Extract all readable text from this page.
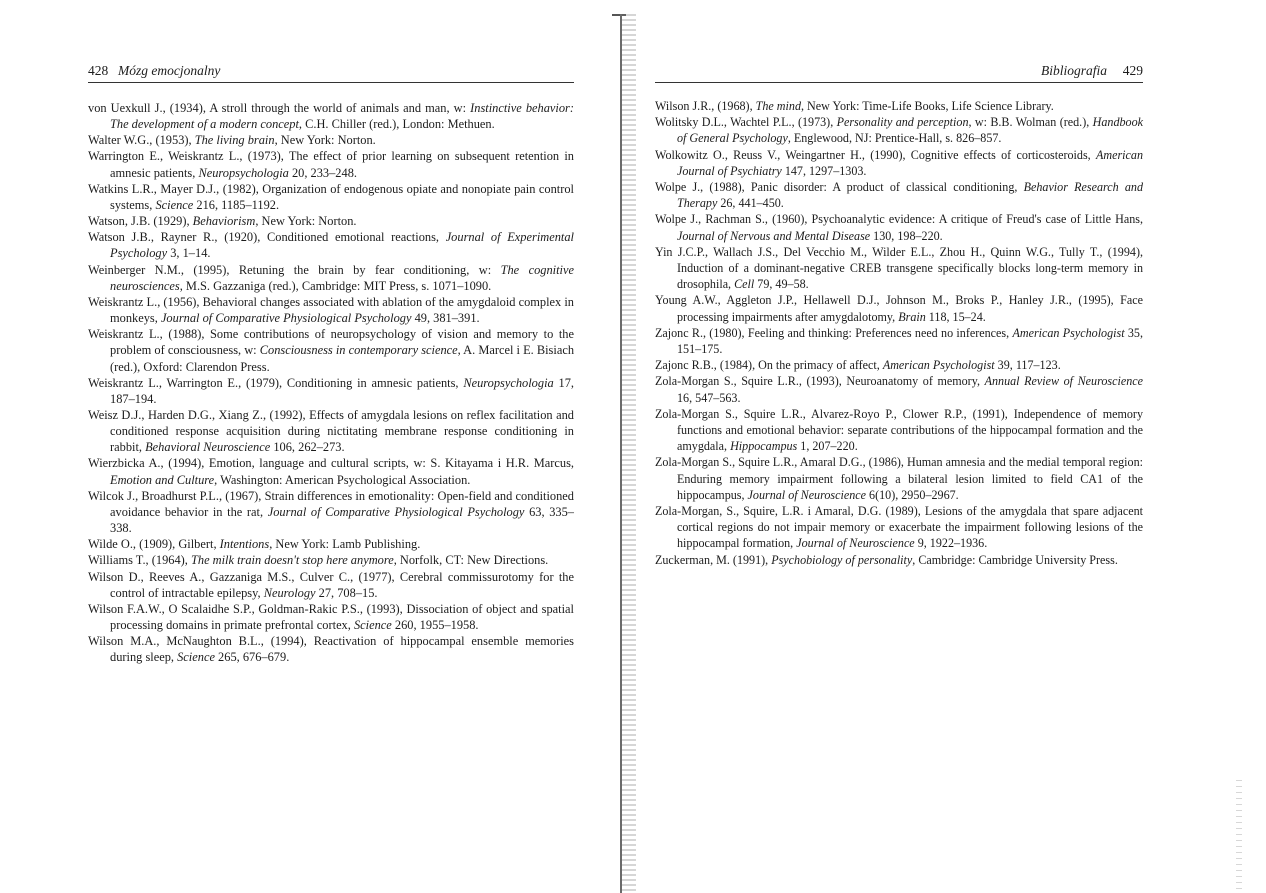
428 Mózg emocjonalny
von Uexkull J., (1934), A stroll through the world of animals and man, w: Instinctive behavior: The development of a modern concept, C.H. Chiller (red.), London: Methuen.
Walter W.G., (1953), The living brain, New York: Norton.
Warrington E., Weiskrantz L., (1973), The effect of prior learning on subsequent retention in amnesic patients, Neuropsychologia 20, 233–248.
Watkins L.R., Mayer D.J., (1982), Organization of endogenous opiate and nonopiate pain control systems, Science 216, 1185–1192.
Watson, J.B. (1929), Behaviorism, New York: Norton.
Watson J.B., Rayner R., (1920), Conditioned emotional reactions, Journal of Experimental Psychology 3, 1–14.
Weinberger N.M., (1995), Retuning the brain by fear conditioning, w: The cognitive neurosciences, M.S. Gazzaniga (red.), Cambridge: MIT Press, s. 1071–1090.
Weiskrantz L., (1956), Behavioral changes associated with ablation of the amygdaloid complex in monkeys, Journal of Comparative Physiological Psychology 49, 381–391.
Weiskrantz L., (1988), Some contributions of neuropsychology of vision and memory to the problem of consciousness, w: Consciousness in contemporary science, A. Marcel i E. Bisiach (red.), Oxford: Clarendon Press.
Weiskrantz L., Warrington E., (1979), Conditioning in amnesic patients, Neuropsychologia 17, 187–194.
Weisz D.J., Harden D.G., Xiang Z., (1992), Effects of amygdala lesions on reflex facilitation and conditioned response acquisition during nictitating membrane response conditioning in rabbit, Behavioral Neuroscience 106, 262–273.
Wierzbicka A., (1994), Emotion, language and cultural scripts, w: S. Kitayama i H.R. Marcus, Emotion and Culture, Washington: American Psychological Association.
Wilcok J., Broadhurst P.L., (1967), Strain differences in emotionality: Open-field and conditioned avoidance behavior in the rat, Journal of Comparative Physiological Psychology 63, 335–338.
Wilde O., (1909), Gilbert, Intentions, New York: Lamb Publishing.
Williams T., (1964), The milk train doesn't stop here anymore, Norfolk, CT: New Directions.
Wilson D., Reeves A., Gazzaniga M.S., Culver C., (1977), Cerebral commissurotomy for the control of intractable epilepsy, Neurology 27, 708–15.
Wilson F.A.W., O Scalaidhe S.P., Goldman-Rakic P.S., (1993), Dissociation of object and spatial processing domains in primate prefrontal cortex, Science 260, 1955–1958.
Wilson M.A., McNaughton B.L., (1994), Reactivation of hippocampal ensemble memories during sleep, Science 265, 676–679.
Bibliografia 429
Wilson J.R., (1968), The mind, New York: Time-Life Books, Life Science Library.
Wolitsky D.L., Wachtel P.L., (1973), Personality and perception, w: B.B. Wolman (red.), Handbook of General Psychology, Englewood, NJ: Prentice-Hall, s. 826–857.
Wolkowitz O., Reuss V., Weingartner H., (1990), Cognitive effects of corticosteroids, American Journal of Psychiatry 147, 1297–1303.
Wolpe J., (1988), Panic disorder: A product of classical conditioning, Behavior Research and Therapy 26, 441–450.
Wolpe J., Rachman S., (1960), Psychoanalytic evidence: A critique of Freud's case of Little Hans, Journal of Nervous and Mental Disease 130, 198–220.
Yin J.C.P., Wallach J.S., Del Vecchio M., Wilder E.L., Zhou H., Quinn W.G., Tully T., (1994), Induction of a dominant-negative CREB transgene specifically blocks long-term memory in drosophila, Cell 79, 49–58.
Young A.W., Aggleton J.P., Hellawell D.J., Johnson M., Broks P., Hanley J.R., (1995), Face processing impairments after amygdalotomy, Brain 118, 15–24.
Zajonc R., (1980), Feeling and thinking: Preferences need no inferences, American Psychologist 35, 151–175.
Zajonc R.B., (1984), On the primacy of affect, American Psychologist 39, 117–123.
Zola-Morgan S., Squire L.R., (1993), Neuroanatomy of memory, Annual Review of Neuroscience 16, 547–563.
Zola-Morgan S., Squire L.R., Alvarez-Royo P., Clower R.P., (1991), Independence of memory functions and emotional behavior: separate contributions of the hippocampal formation and the amygdala, Hippocampus 1, 207–220.
Zola-Morgan S., Squire L.R., Amaral D.G., (1986), Human amnesia and the medial temporal region: Enduring memory impairment following a bilateral lesion limited to field CA1 of the hippocampus, Journal of Neuroscience 6(10), 2950–2967.
Zola-Morgan, S., Squire, L.R. i Amaral, D.G. (1989), Lesions of the amygdala that spare adjacent cortical regions do not impair memory or exacerbate the impairment following lesions of the hippocampal formation, Journal of Neuroscience 9, 1922–1936.
Zuckerman, M. (1991), Psychobiology of personality, Cambridge: Cambridge University Press.
